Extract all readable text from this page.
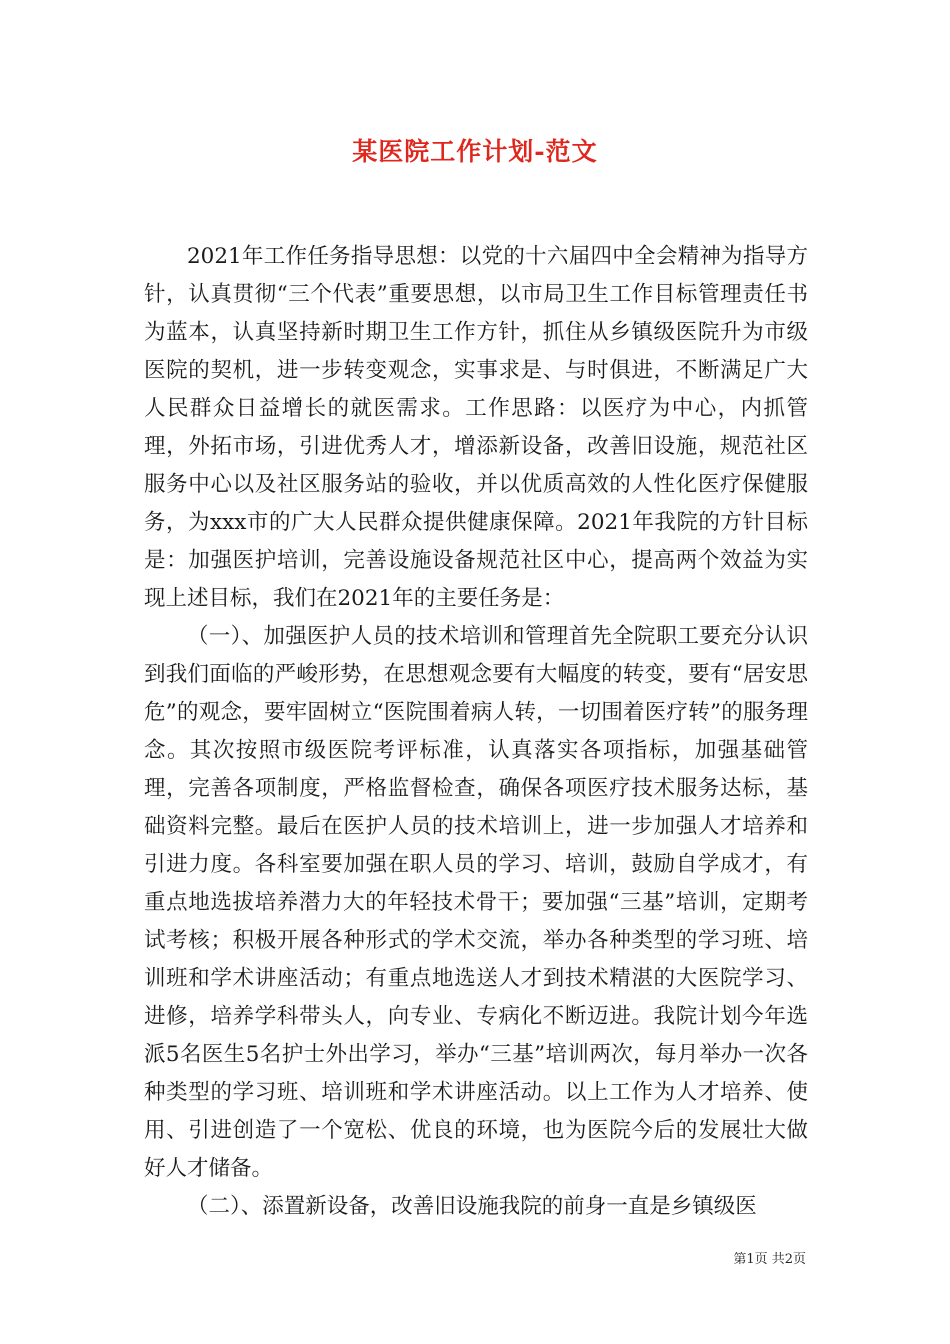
某医院工作计划-范文

2021年工作任务指导思想：以党的十六届四中全会精神为指导方针，认真贯彻“三个代表”重要思想，以市局卫生工作目标管理责任书为蓝本，认真坚持新时期卫生工作方针，抓住从乡镇级医院升为市级医院的契机，进一步转变观念，实事求是、与时俱进，不断满足广大人民群众日益增长的就医需求。工作思路：以医疗为中心，内抓管理，外拓市场，引进优秀人才，增添新设备，改善旧设施，规范社区服务中心以及社区服务站的验收，并以优质高效的人性化医疗保健服务，为xxx市的广大人民群众提供健康保障。2021年我院的方针目标是：加强医护培训，完善设施设备规范社区中心，提高两个效益为实现上述目标，我们在2021年的主要任务是：

（一）、加强医护人员的技术培训和管理首先全院职工要充分认识到我们面临的严峻形势，在思想观念要有大幅度的转变，要有“居安思危”的观念，要牢固树立“医院围着病人转，一切围着医疗转”的服务理念。其次按照市级医院考评标准，认真落实各项指标，加强基础管理，完善各项制度，严格监督检查，确保各项医疗技术服务达标，基础资料完整。最后在医护人员的技术培训上，进一步加强人才培养和引进力度。各科室要加强在职人员的学习、培训，鼓励自学成才，有重点地选拔培养潜力大的年轻技术骨干；要加强“三基”培训，定期考试考核；积极开展各种形式的学术交流，举办各种类型的学习班、培训班和学术讲座活动；有重点地选送人才到技术精湛的大医院学习、进修，培养学科带头人，向专业、专病化不断迈进。我院计划今年选派5名医生5名护士外出学习，举办“三基”培训两次，每月举办一次各种类型的学习班、培训班和学术讲座活动。以上工作为人才培养、使用、引进创造了一个宽松、优良的环境，也为医院今后的发展壮大做好人才储备。

（二）、添置新设备，改善旧设施我院的前身一直是乡镇级医

第1页 共2页
